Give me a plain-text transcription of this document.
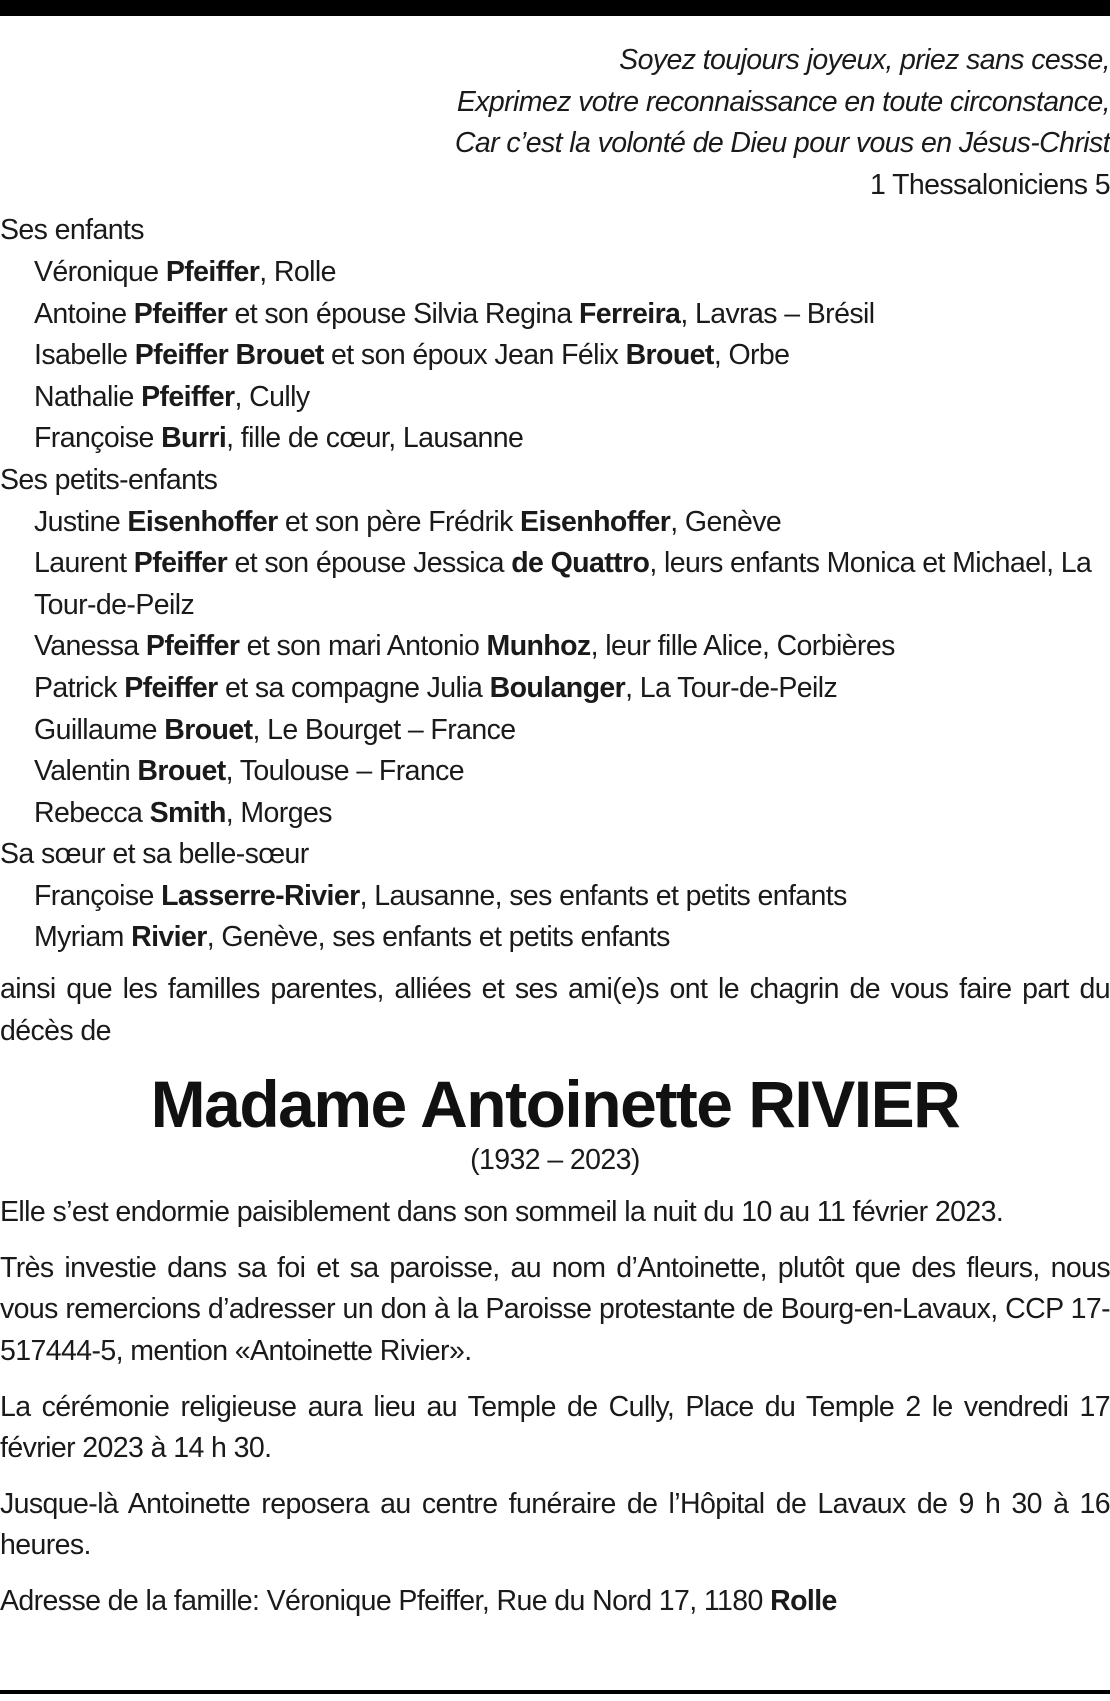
Soyez toujours joyeux, priez sans cesse,
Exprimez votre reconnaissance en toute circonstance,
Car c’est la volonté de Dieu pour vous en Jésus-Christ
1 Thessaloniciens 5
Ses enfants
Véronique Pfeiffer, Rolle
Antoine Pfeiffer et son épouse Silvia Regina Ferreira, Lavras – Brésil
Isabelle Pfeiffer Brouet et son époux Jean Félix Brouet, Orbe
Nathalie Pfeiffer, Cully
Françoise Burri, fille de cœur, Lausanne
Ses petits-enfants
Justine Eisenhoffer et son père Frédrik Eisenhoffer, Genève
Laurent Pfeiffer et son épouse Jessica de Quattro, leurs enfants Monica et Michael, La Tour-de-Peilz
Vanessa Pfeiffer et son mari Antonio Munhoz, leur fille Alice, Corbières
Patrick Pfeiffer et sa compagne Julia Boulanger, La Tour-de-Peilz
Guillaume Brouet, Le Bourget – France
Valentin Brouet, Toulouse – France
Rebecca Smith, Morges
Sa sœur et sa belle-sœur
Françoise Lasserre-Rivier, Lausanne, ses enfants et petits enfants
Myriam Rivier, Genève, ses enfants et petits enfants
ainsi que les familles parentes, alliées et ses ami(e)s ont le chagrin de vous faire part du décès de
Madame Antoinette RIVIER
(1932 – 2023)
Elle s’est endormie paisiblement dans son sommeil la nuit du 10 au 11 février 2023.
Très investie dans sa foi et sa paroisse, au nom d’Antoinette, plutôt que des fleurs, nous vous remercions d’adresser un don à la Paroisse protestante de Bourg-en-Lavaux, CCP 17-517444-5, mention «Antoinette Rivier».
La cérémonie religieuse aura lieu au Temple de Cully, Place du Temple 2 le vendredi 17 février 2023 à 14 h 30.
Jusque-là Antoinette reposera au centre funéraire de l’Hôpital de Lavaux de 9 h 30 à 16 heures.
Adresse de la famille: Véronique Pfeiffer, Rue du Nord 17, 1180 Rolle
